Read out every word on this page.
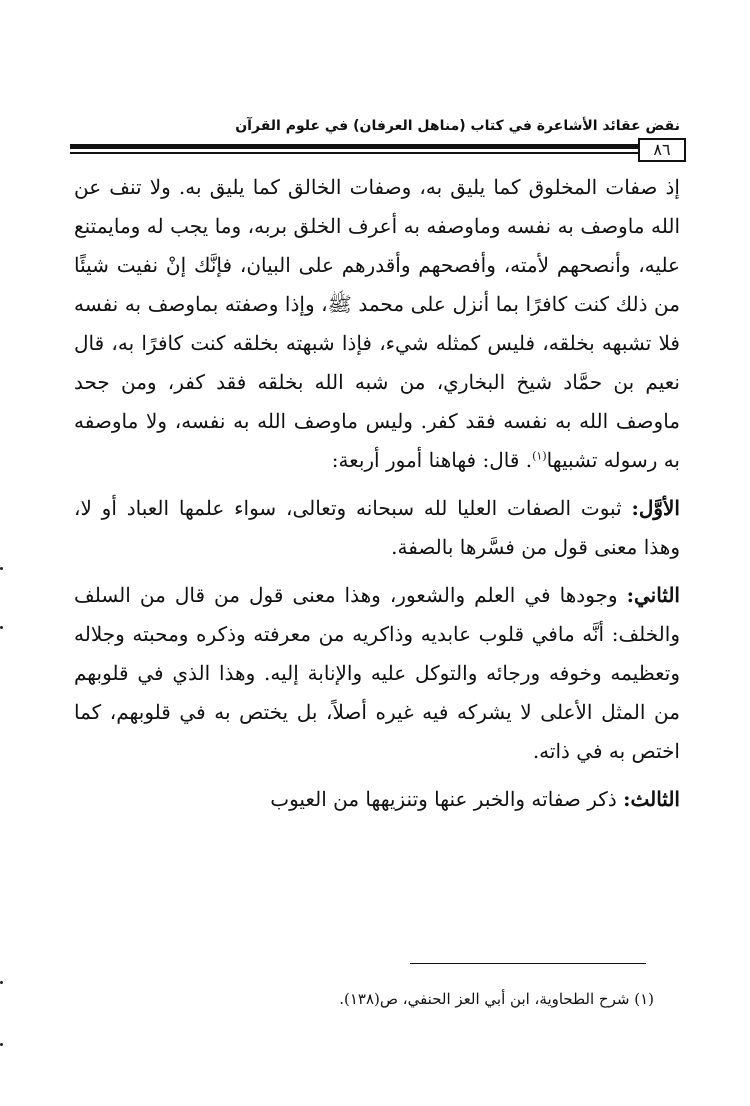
نقض عقائد الأشاعرة في كتاب (مناهل العرفان) في علوم القرآن
٨٦

إذ صفات المخلوق كما يليق به، وصفات الخالق كما يليق به. ولا تنف عن الله ماوصف به نفسه وماوصفه به أعرف الخلق بربه، وما يجب له ومايمتنع عليه، وأنصحهم لأمته، وأفصحهم وأقدرهم على البيان، فإنَّك إنْ نفيت شيئًا من ذلك كنت كافرًا بما أنزل على محمد ﷺ، وإذا وصفته بماوصف به نفسه فلا تشبهه بخلقه، فليس كمثله شيء، فإذا شبهته بخلقه كنت كافرًا به، قال نعيم بن حمَّاد شيخ البخاري، من شبه الله بخلقه فقد كفر، ومن جحد ماوصف الله به نفسه فقد كفر. وليس ماوصف الله به نفسه، ولا ماوصفه به رسوله تشبيها$^{(١)}$. قال: فهاهنا أمور أربعة:

الأوَّل: ثبوت الصفات العليا لله سبحانه وتعالى، سواء علمها العباد أو لا، وهذا معنى قول من فسَّرها بالصفة.

الثاني: وجودها في العلم والشعور، وهذا معنى قول من قال من السلف والخلف: أنَّه مافي قلوب عابديه وذاكريه من معرفته وذكره ومحبته وجلاله وتعظيمه وخوفه ورجائه والتوكل عليه والإنابة إليه. وهذا الذي في قلوبهم من المثل الأعلى لا يشركه فيه غيره أصلاً، بل يختص به في قلوبهم، كما اختص به في ذاته.

الثالث: ذكر صفاته والخبر عنها وتنزيهها من العيوب

(١) شرح الطحاوية، ابن أبي العز الحنفي، ص(١٣٨).
